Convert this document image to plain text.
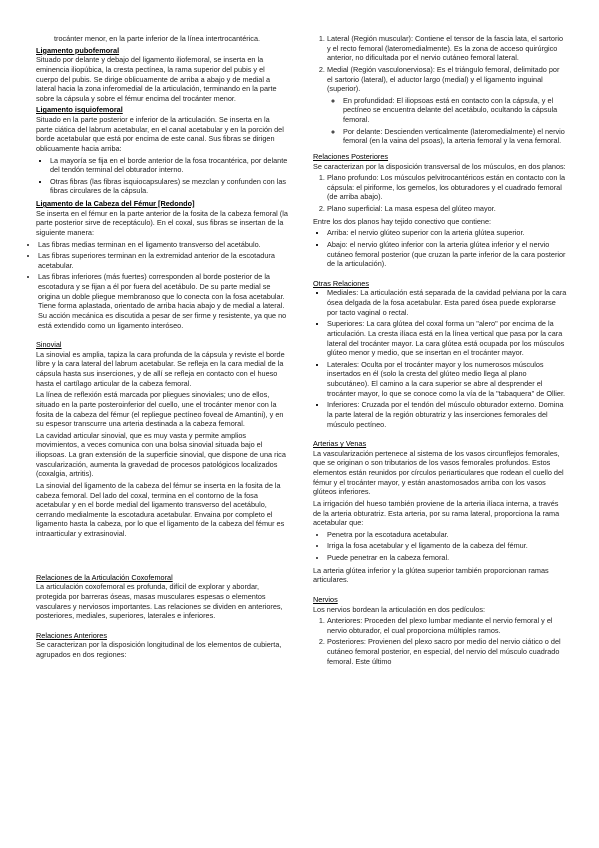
trocánter menor, en la parte inferior de la línea intertrocantérica.

Ligamento pubofemoral

Situado por delante y debajo del ligamento iliofemoral, se inserta en la eminencia iliopúbica, la cresta pectínea, la rama superior del pubis y el cuerpo del pubis. Se dirige oblicuamente de arriba a abajo y de medial a lateral hacia la zona inferomedial de la articulación, terminando en la parte sobre la cápsula y sobre el fémur encima del trocánter menor.

Ligamento isquiofemoral

Situado en la parte posterior e inferior de la articulación. Se inserta en la parte ciática del labrum acetabular, en el canal acetabular y en la porción del borde acetabular que está por encima de este canal. Sus fibras se dirigen oblicuamente hacia arriba:

▪ La mayoría se fija en el borde anterior de la fosa trocantérica, por delante del tendón terminal del obturador interno.
▪ Otras fibras (las fibras isquiocapsulares) se mezclan y confunden con las fibras circulares de la cápsula.
Ligamento de la Cabeza del Fémur [Redondo]

Se inserta en el fémur en la parte anterior de la fosita de la cabeza femoral (la parte posterior sirve de receptáculo). En el coxal, sus fibras se insertan de la siguiente manera:

• Las fibras medias terminan en el ligamento transverso del acetábulo.
• Las fibras superiores terminan en la extremidad anterior de la escotadura acetabular.
• Las fibras inferiores (más fuertes) corresponden al borde posterior de la escotadura y se fijan a él por fuera del acetábulo. De su parte medial se origina un doble pliegue membranoso que lo conecta con la fosa acetabular. Tiene forma aplastada, orientado de arriba hacia abajo y de medial a lateral. Su acción mecánica es discutida a pesar de ser firme y resistente, ya que no está extendido como un ligamento interóseo.
Sinovial

La sinovial es amplia, tapiza la cara profunda de la cápsula y reviste el borde libre y la cara lateral del labrum acetabular. Se refleja en la cara medial de la cápsula hasta sus inserciones, y de allí se refleja en contacto con el hueso hasta el cartílago articular de la cabeza femoral.

La línea de reflexión está marcada por pliegues sinoviales; uno de ellos, situado en la parte posteroinferior del cuello, une el trocánter menor con la fosita de la cabeza del fémur (el repliegue pectíneo foveal de Amantini), y en su espesor transcurre una arteria destinada a la cabeza femoral.

La cavidad articular sinovial, que es muy vasta y permite amplios movimientos, a veces comunica con una bolsa sinovial situada bajo el iliopsoas. La gran extensión de la superficie sinovial, que dispone de una rica vascularización, aumenta la gravedad de procesos patológicos localizados (coxalgia, artritis).

La sinovial del ligamento de la cabeza del fémur se inserta en la fosita de la cabeza femoral. Del lado del coxal, termina en el contorno de la fosa acetabular y en el borde medial del ligamento transverso del acetábulo, cerrando medialmente la escotadura acetabular. Envaina por completo el ligamento hasta la cabeza, por lo que el ligamento de la cabeza del fémur es intraarticular y extrasinovial.

Relaciones de la Articulación Coxofemoral

La articulación coxofemoral es profunda, difícil de explorar y abordar, protegida por barreras óseas, masas musculares espesas o elementos vasculares y nerviosos importantes. Las relaciones se dividen en anteriores, posteriores, mediales, superiores, laterales e inferiores.

Relaciones Anteriores

Se caracterizan por la disposición longitudinal de los elementos de cubierta, agrupados en dos regiones:

1. Lateral (Región muscular): Contiene el tensor de la fascia lata, el sartorio y el recto femoral (lateromedialmente). Es la zona de acceso quirúrgico anterior, no dificultada por el nervio cutáneo femoral lateral.
2. Medial (Región vasculonerviosa): Es el triángulo femoral, delimitado por el sartorio (lateral), el aductor largo (medial) y el ligamento inguinal (superior).
◦ En profundidad: El iliopsoas está en contacto con la cápsula, y el pectíneo se encuentra delante del acetábulo, ocultando la cápsula femoral.
◦ Por delante: Descienden verticalmente (lateromedialmente) el nervio femoral (en la vaina del psoas), la arteria femoral y la vena femoral.
Relaciones Posteriores

Se caracterizan por la disposición transversal de los músculos, en dos planos:

1. Plano profundo: Los músculos pelvitrocantéricos están en contacto con la cápsula: el piriforme, los gemelos, los obturadores y el cuadrado femoral (de arriba abajo).
2. Plano superficial: La masa espesa del glúteo mayor.

Entre los dos planos hay tejido conectivo que contiene:

▪ Arriba: el nervio glúteo superior con la arteria glútea superior.
▪ Abajo: el nervio glúteo inferior con la arteria glútea inferior y el nervio cutáneo femoral posterior (que cruzan la parte inferior de la cara posterior de la articulación).
Otras Relaciones
▪ Mediales: La articulación está separada de la cavidad pelviana por la cara ósea delgada de la fosa acetabular. Esta pared ósea puede explorarse por tacto vaginal o rectal.
▪ Superiores: La cara glútea del coxal forma un "alero" por encima de la articulación. La cresta ilíaca está en la línea vertical que pasa por la cara lateral del trocánter mayor. La cara glútea está ocupada por los músculos glúteo menor y medio, que se insertan en el trocánter mayor.
▪ Laterales: Oculta por el trocánter mayor y los numerosos músculos insertados en él (solo la cresta del glúteo medio llega al plano subcutáneo). El camino a la cara superior se abre al desprender el trocánter mayor, lo que se conoce como la vía de la "tabaquera" de Ollier.
▪ Inferiores: Cruzada por el tendón del músculo obturador externo. Domina la parte lateral de la región obturatriz y las inserciones femorales del músculo pectíneo.
Arterias y Venas

La vascularización pertenece al sistema de los vasos circunflejos femorales, que se originan o son tributarios de los vasos femorales profundos. Estos elementos están reunidos por círculos periarticulares que rodean el cuello del fémur y el trocánter mayor, y están anastomosados arriba con los vasos glúteos inferiores.

La irrigación del hueso también proviene de la arteria ilíaca interna, a través de la arteria obturatriz. Esta arteria, por su rama lateral, proporciona la rama acetabular que:

• Penetra por la escotadura acetabular.
• Irriga la fosa acetabular y el ligamento de la cabeza del fémur.
• Puede penetrar en la cabeza femoral.

La arteria glútea inferior y la glútea superior también proporcionan ramas articulares.

Nervios

Los nervios bordean la articulación en dos pedículos:

1. Anteriores: Proceden del plexo lumbar mediante el nervio femoral y el nervio obturador, el cual proporciona múltiples ramos.
2. Posteriores: Provienen del plexo sacro por medio del nervio ciático o del cutáneo femoral posterior, en especial, del nervio del músculo cuadrado femoral. Este último
